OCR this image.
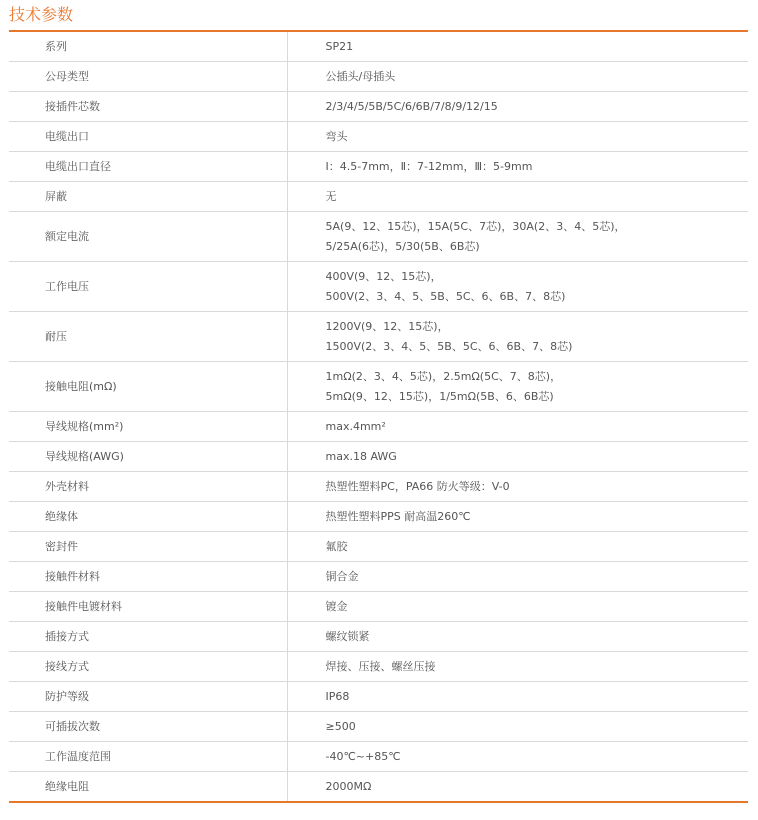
技术参数
系列	SP21

公母类型	公插头/母插头

接插件芯数	2/3/4/5/5B/5C/6/6B/7/8/9/12/15

电缆出口	弯头

电缆出口直径	Ⅰ：4.5-7mm，Ⅱ：7-12mm，Ⅲ：5-9mm

屏蔽	无

额定电流	5A(9、12、15芯)，15A(5C、7芯)，30A(2、3、4、5芯)，
5/25A(6芯)，5/30(5B、6B芯)

工作电压	400V(9、12、15芯)，
500V(2、3、4、5、5B、5C、6、6B、7、8芯)

耐压	1200V(9、12、15芯)，
1500V(2、3、4、5、5B、5C、6、6B、7、8芯)

接触电阻(mΩ)	1mΩ(2、3、4、5芯)，2.5mΩ(5C、7、8芯)，
5mΩ(9、12、15芯)，1/5mΩ(5B、6、6B芯)

导线规格(mm²)	max.4mm²

导线规格(AWG)	max.18 AWG

外壳材料	热塑性塑料PC，PA66 防火等级：V-0

绝缘体	热塑性塑料PPS 耐高温260℃

密封件	氟胶

接触件材料	铜合金

接触件电镀材料	镀金

插接方式	螺纹锁紧

接线方式	焊接、压接、螺丝压接

防护等级	IP68

可插拔次数	≥500

工作温度范围	-40℃~+85℃

绝缘电阻	2000MΩ
